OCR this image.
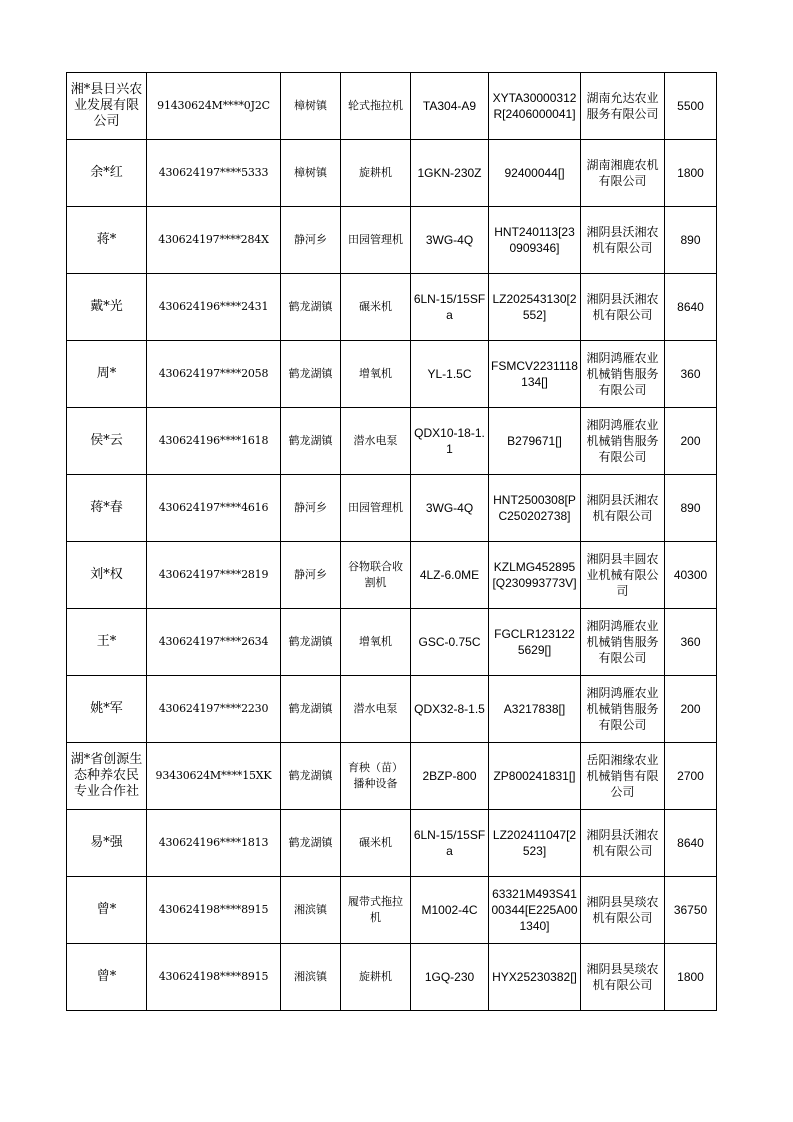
湘*县日兴农业发展有限公司	91430624M****0J2C	樟树镇	轮式拖拉机	TA304-A9	XYTA30000312R[2406000041]	湖南允达农业服务有限公司	5500
余*红	430624197****5333	樟树镇	旋耕机	1GKN-230Z	92400044[]	湖南湘鹿农机有限公司	1800
蒋*	430624197****284X	静河乡	田园管理机	3WG-4Q	HNT240113[230909346]	湘阴县沃湘农机有限公司	890
戴*光	430624196****2431	鹤龙湖镇	碾米机	6LN-15/15SFa	LZ202543130[2552]	湘阴县沃湘农机有限公司	8640
周*	430624197****2058	鹤龙湖镇	增氧机	YL-1.5C	FSMCV2231118134[]	湘阴鸿雁农业机械销售服务有限公司	360
侯*云	430624196****1618	鹤龙湖镇	潜水电泵	QDX10-18-1.1	B279671[]	湘阴鸿雁农业机械销售服务有限公司	200
蒋*春	430624197****4616	静河乡	田园管理机	3WG-4Q	HNT2500308[PC250202738]	湘阴县沃湘农机有限公司	890
刘*权	430624197****2819	静河乡	谷物联合收割机	4LZ-6.0ME	KZLMG452895[Q230993773V]	湘阴县丰圆农业机械有限公司	40300
王*	430624197****2634	鹤龙湖镇	增氧机	GSC-0.75C	FGCLR1231225629[]	湘阴鸿雁农业机械销售服务有限公司	360
姚*军	430624197****2230	鹤龙湖镇	潜水电泵	QDX32-8-1.5	A3217838[]	湘阴鸿雁农业机械销售服务有限公司	200
湖*省创源生态种养农民专业合作社	93430624M****15XK	鹤龙湖镇	育秧（苗）播种设备	2BZP-800	ZP800241831[]	岳阳湘缘农业机械销售有限公司	2700
易*强	430624196****1813	鹤龙湖镇	碾米机	6LN-15/15SFa	LZ202411047[2523]	湘阴县沃湘农机有限公司	8640
曾*	430624198****8915	湘滨镇	履带式拖拉机	M1002-4C	63321M493S4100344[E225A001340]	湘阴县昊琰农机有限公司	36750
曾*	430624198****8915	湘滨镇	旋耕机	1GQ-230	HYX25230382[]	湘阴县昊琰农机有限公司	1800
